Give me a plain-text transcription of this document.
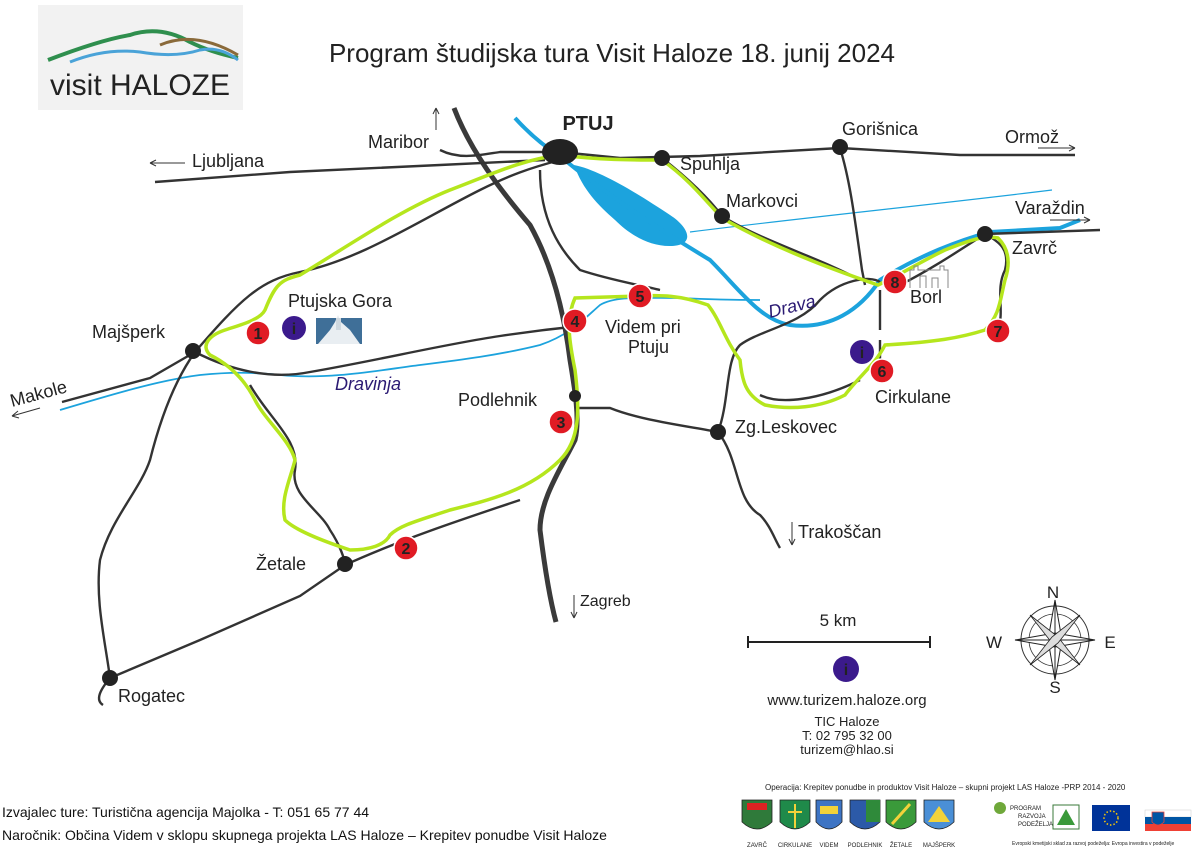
visit HALOZE
Program študijska tura Visit Haloze 18. junij 2024
PTUJ
Maribor
Ljubljana
Gorišnica	Ormož
Spuhlja
Markovci	Varaždin
Zavrč
Borl
Ptujska Gora
Majšperk
Makole
Videm pri
Ptuju
Cirkulane
Podlehnik
Zg.Leskovec
Trakoščan
Žetale
Zagreb
Rogatec
Drava
Dravinja
i
i
i
1
2
3
4
5
6
7
8
5 km
N
S
E
W
www.turizem.haloze.org
TIC Haloze
T: 02 795 32 00
turizem@hlao.si
Operacija: Krepitev ponudbe in produktov Visit Haloze – skupni projekt LAS Haloze -PRP 2014 - 2020
ZAVRČ CIRKULANE VIDEM PODLEHNIK ŽETALE MAJŠPERK
PROGRAM
RAZVOJA
PODEŽELJA
Evropski kmetijski sklad za razvoj podeželja: Evropa investira v podeželje
Izvajalec ture: Turistična agencija Majolka - T: 051 65 77 44
Naročnik: Občina Videm v sklopu skupnega projekta LAS Haloze – Krepitev ponudbe Visit Haloze
